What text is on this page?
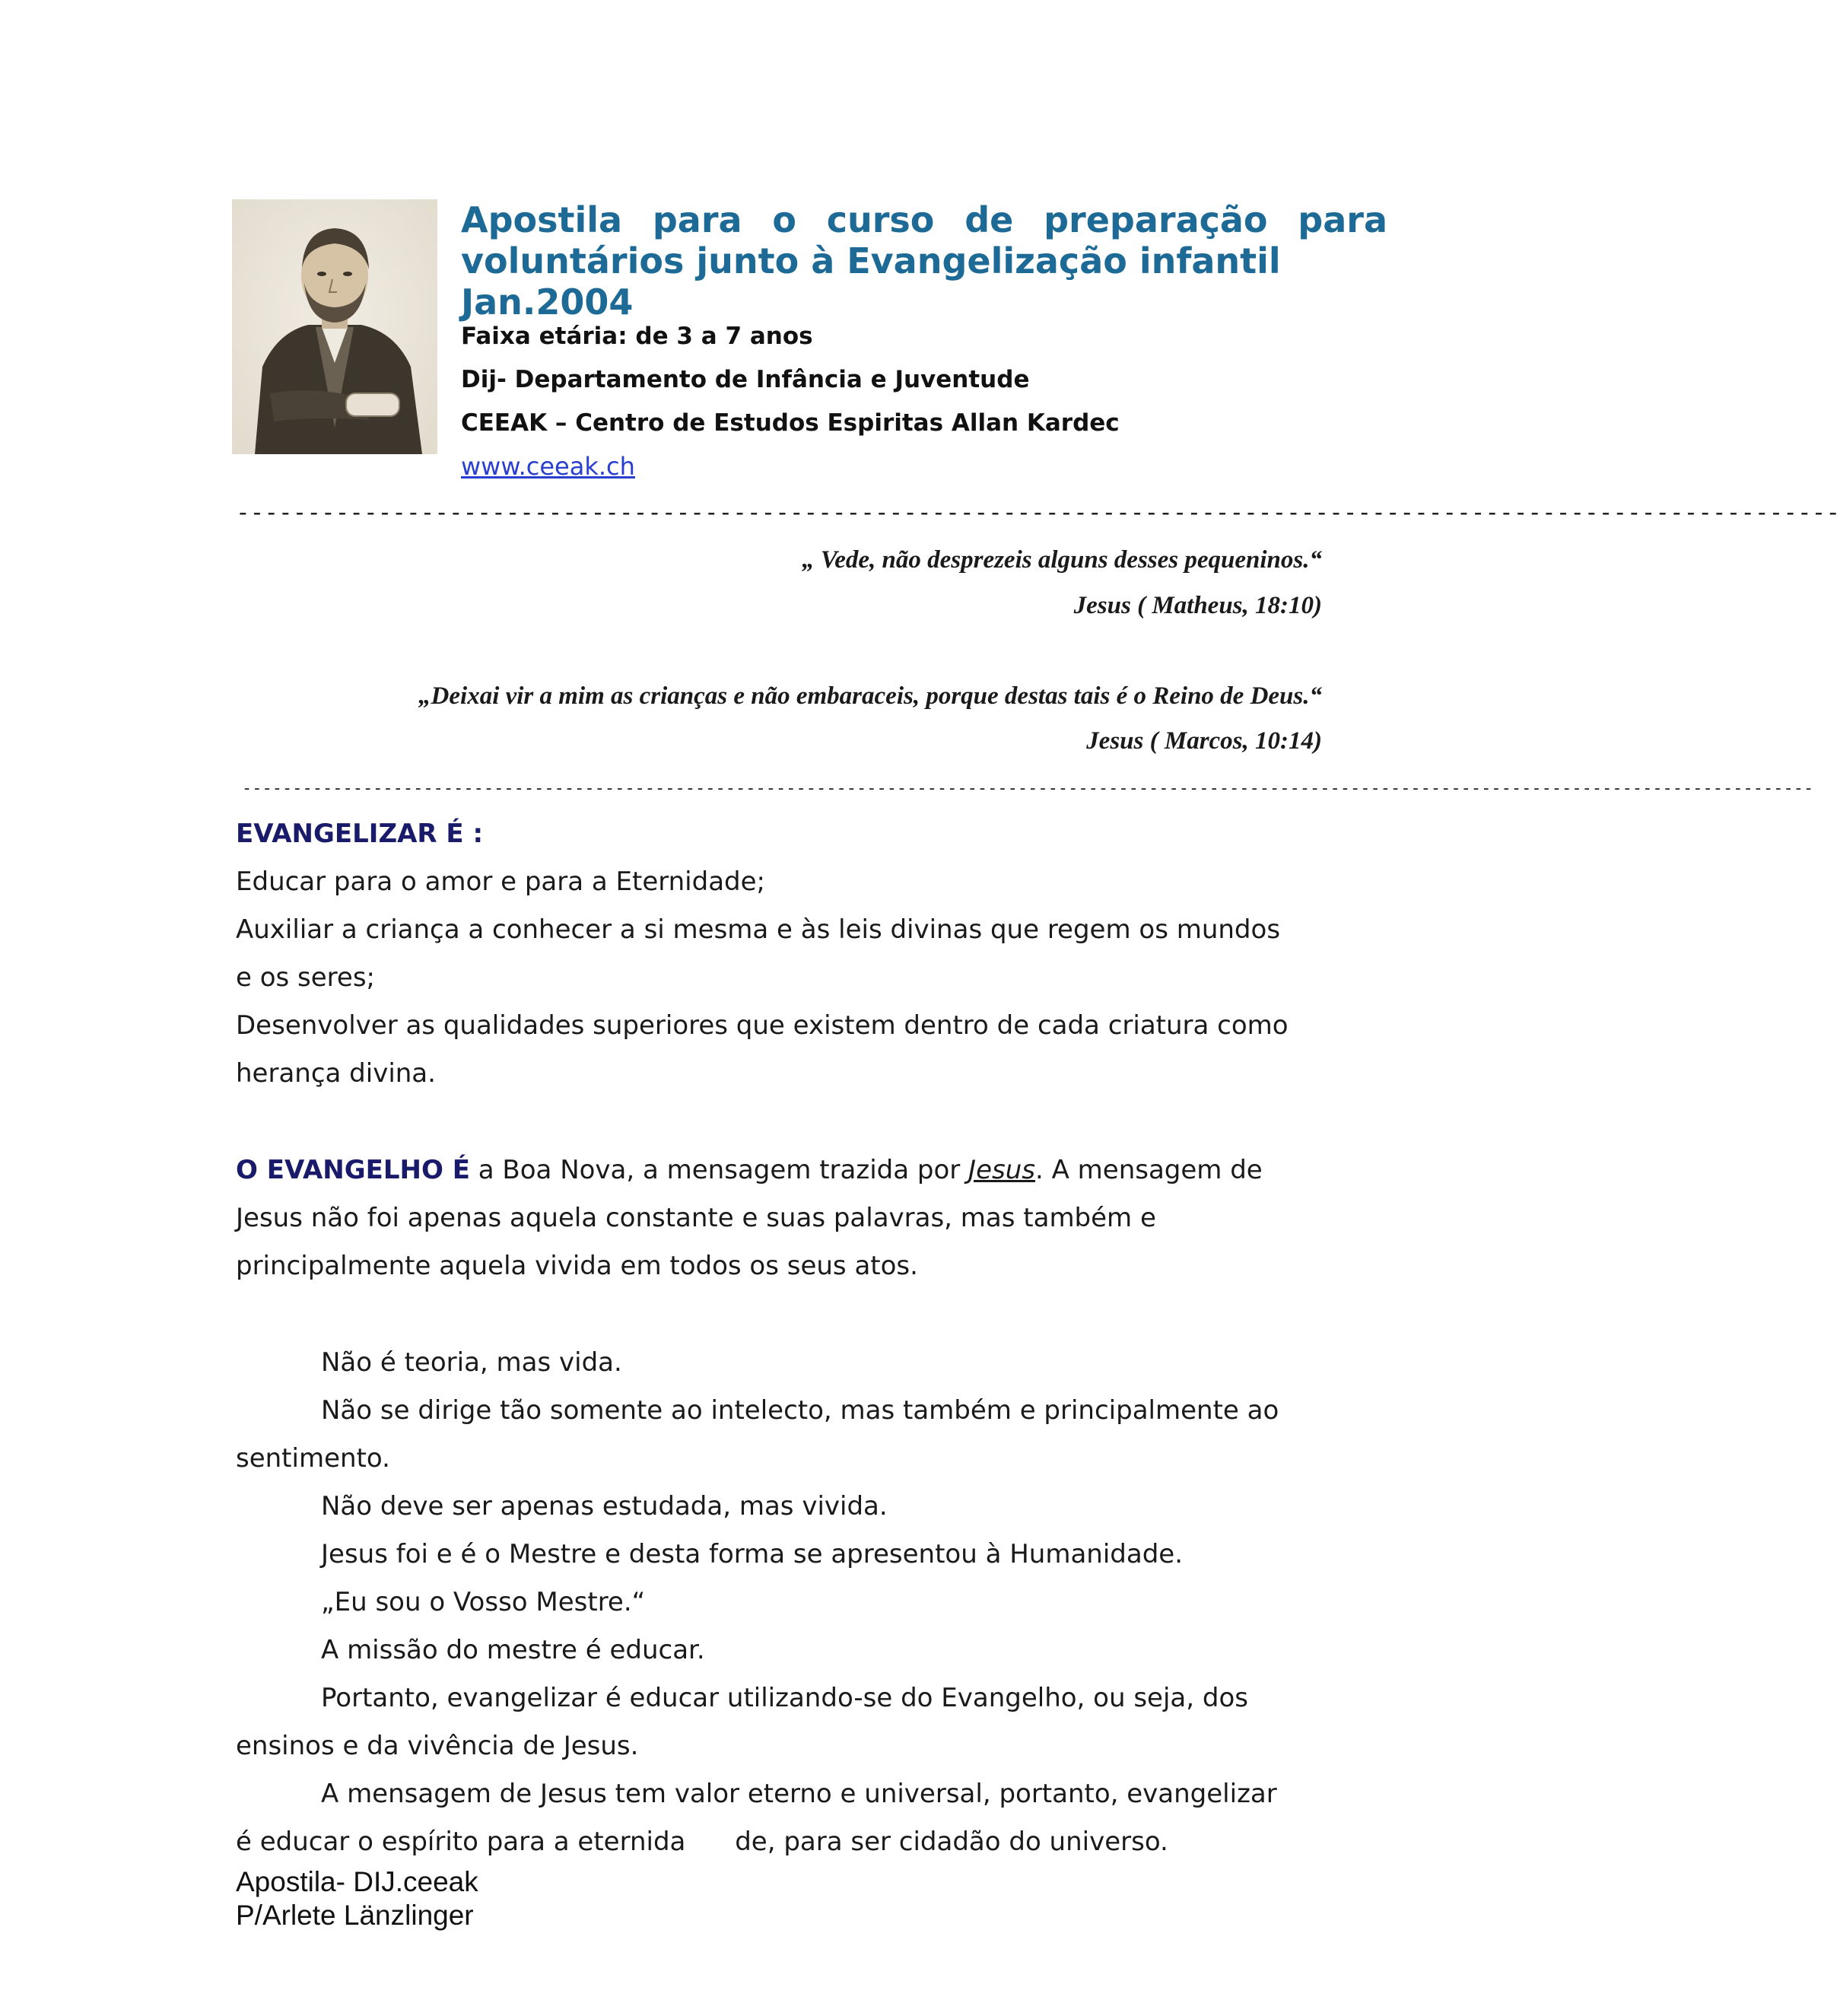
Apostila para o curso de preparação para
voluntários junto à Evangelização infantil
Jan.2004
Faixa etária: de 3 a 7 anos
Dij- Departamento de Infância e Juventude
CEEAK – Centro de Estudos Espiritas Allan Kardec
www.ceeak.ch
-----------------------------------------------------------------------------------------------------------------
„ Vede, não desprezeis alguns desses pequeninos.“
Jesus ( Matheus, 18:10)
„Deixai vir a mim as crianças e não embaraceis, porque destas tais é o Reino de Deus.“
Jesus ( Marcos, 10:14)
------------------------------------------------------------------------------------------------------------------------------------------------------------
EVANGELIZAR É :
Educar para o amor e para a Eternidade;
Auxiliar a criança a conhecer a si mesma e às leis divinas que regem os mundos
e os seres;
Desenvolver as qualidades superiores que existem dentro de cada criatura como
herança divina.
O EVANGELHO É a Boa Nova, a mensagem trazida por Jesus. A mensagem de
Jesus não foi apenas aquela constante e suas palavras, mas também e
principalmente aquela vivida em todos os seus atos.
Não é teoria, mas vida.
Não se dirige tão somente ao intelecto, mas também e principalmente ao
sentimento.
Não deve ser apenas estudada, mas vivida.
Jesus foi e é o Mestre e desta forma se apresentou à Humanidade.
„Eu sou o Vosso Mestre.“
A missão do mestre é educar.
Portanto, evangelizar é educar utilizando-se do Evangelho, ou seja, dos
ensinos e da vivência de Jesus.
A mensagem de Jesus tem valor eterno e universal, portanto, evangelizar
é educar o espírito para a eternida      de, para ser cidadão do universo.
Apostila- DIJ.ceeak
P/Arlete Länzlinger
